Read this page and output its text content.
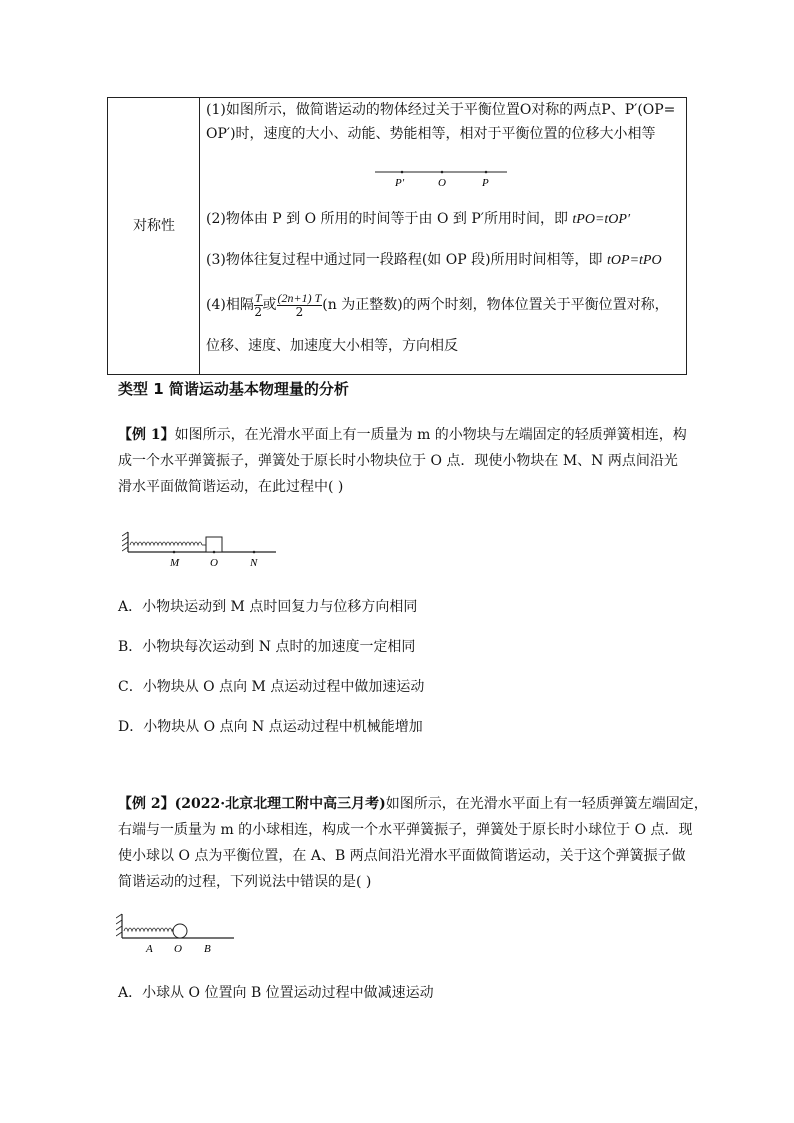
对称性
(1)如图所示，做简谐运动的物体经过关于平衡位置O对称的两点P、P′(OP=
OP′)时，速度的大小、动能、势能相等，相对于平衡位置的位移大小相等
P′	O	P
(2)物体由 P 到 O 所用的时间等于由 O 到 P′所用时间，即 tPO=tOP′
(3)物体往复过程中通过同一段路程(如 OP 段)所用时间相等，即 tOP=tPO
(4)相隔 $\frac{T}{2}$ 或 $\frac{(2n+1) T}{2} (n$ 为正整数)的两个时刻，物体位置关于平衡位置对称，
位移、速度、加速度大小相等，方向相反
类型 1 简谐运动基本物理量的分析
【例 1】如图所示，在光滑水平面上有一质量为 m 的小物块与左端固定的轻质弹簧相连，构
成一个水平弹簧振子，弹簧处于原长时小物块位于 O 点．现使小物块在 M、N 两点间沿光
滑水平面做简谐运动，在此过程中( )
M	O	N
A．小物块运动到 M 点时回复力与位移方向相同
B．小物块每次运动到 N 点时的加速度一定相同
C．小物块从 O 点向 M 点运动过程中做加速运动
D．小物块从 O 点向 N 点运动过程中机械能增加
【例 2】(2022·北京北理工附中高三月考)如图所示，在光滑水平面上有一轻质弹簧左端固定，
右端与一质量为 m 的小球相连，构成一个水平弹簧振子，弹簧处于原长时小球位于 O 点．现
使小球以 O 点为平衡位置，在 A、B 两点间沿光滑水平面做简谐运动，关于这个弹簧振子做
简谐运动的过程，下列说法中错误的是( )
A O B
A．小球从 O 位置向 B 位置运动过程中做减速运动
